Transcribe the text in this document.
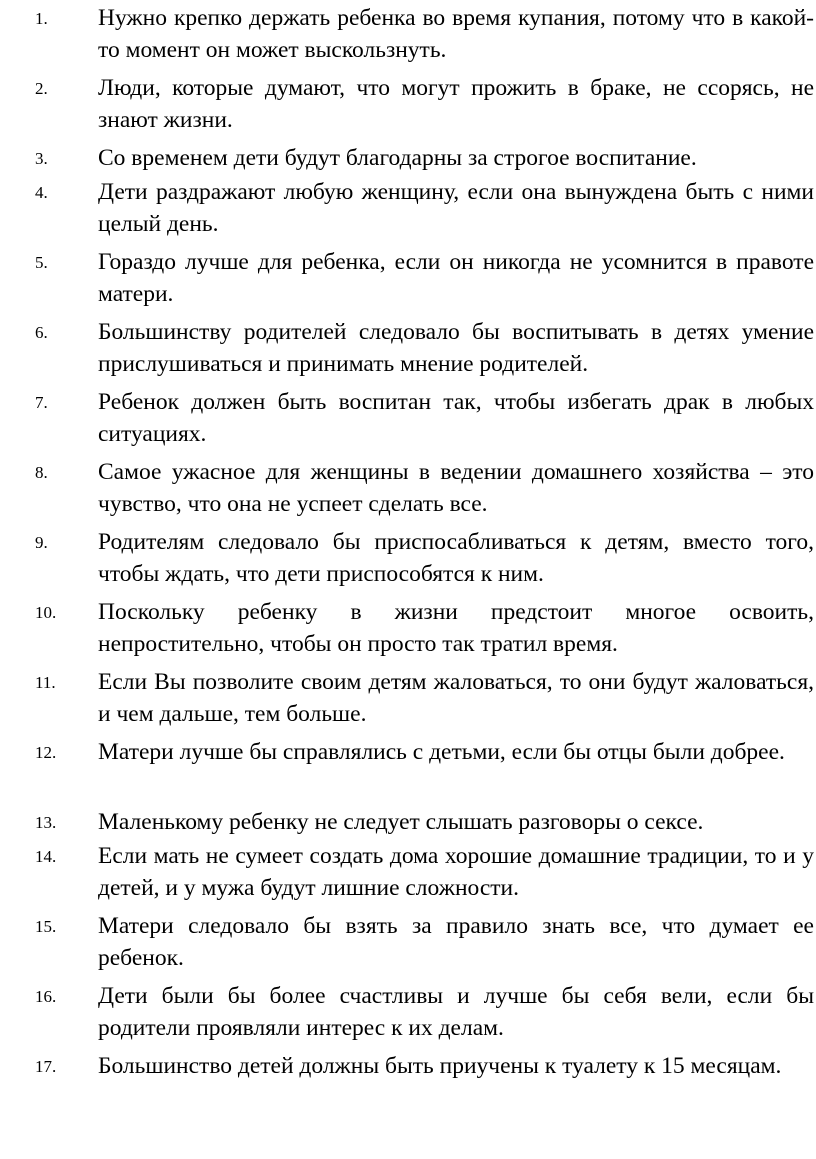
1. Нужно крепко держать ребенка во время купания, потому что в какой-то момент он может выскользнуть.
2. Люди, которые думают, что могут прожить в браке, не ссорясь, не знают жизни.
3. Со временем дети будут благодарны за строгое воспитание.
4. Дети раздражают любую женщину, если она вынуждена быть с ними целый день.
5. Гораздо лучше для ребенка, если он никогда не усомнится в правоте матери.
6. Большинству родителей следовало бы воспитывать в детях умение прислушиваться и принимать мнение родителей.
7. Ребенок должен быть воспитан так, чтобы избегать драк в любых ситуациях.
8. Самое ужасное для женщины в ведении домашнего хозяйства – это чувство, что она не успеет сделать все.
9. Родителям следовало бы приспосабливаться к детям, вместо того, чтобы ждать, что дети приспособятся к ним.
10. Поскольку ребенку в жизни предстоит многое освоить, непростительно, чтобы он просто так тратил время.
11. Если Вы позволите своим детям жаловаться, то они будут жаловаться, и чем дальше, тем больше.
12. Матери лучше бы справлялись с детьми, если бы отцы были добрее.
13. Маленькому ребенку не следует слышать разговоры о сексе.
14. Если мать не сумеет создать дома хорошие домашние традиции, то и у детей, и у мужа будут лишние сложности.
15. Матери следовало бы взять за правило знать все, что думает ее ребенок.
16. Дети были бы более счастливы и лучше бы себя вели, если бы родители проявляли интерес к их делам.
17. Большинство детей должны быть приучены к туалету к 15 месяцам.
